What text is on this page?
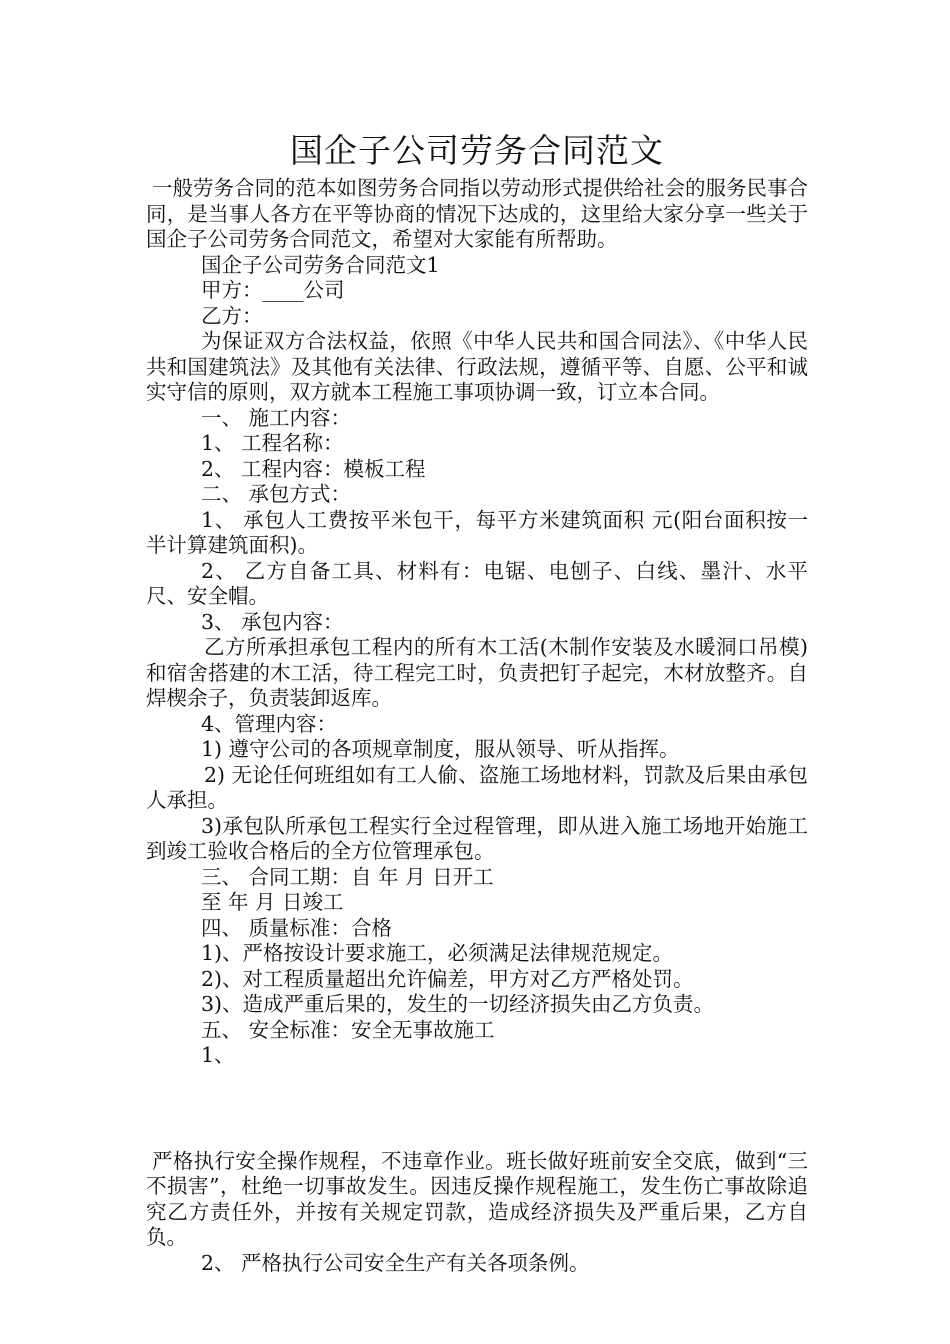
国企子公司劳务合同范文

一般劳务合同的范本如图劳务合同指以劳动形式提供给社会的服务民事合同，是当事人各方在平等协商的情况下达成的，这里给大家分享一些关于国企子公司劳务合同范文，希望对大家能有所帮助。

国企子公司劳务合同范文1

甲方：____公司

乙方：

为保证双方合法权益，依照《中华人民共和国合同法》、《中华人民共和国建筑法》及其他有关法律、行政法规，遵循平等、自愿、公平和诚实守信的原则，双方就本工程施工事项协调一致，订立本合同。

一、 施工内容：

1、 工程名称：

2、 工程内容：模板工程

二、 承包方式：

1、 承包人工费按平米包干，每平方米建筑面积 元(阳台面积按一半计算建筑面积)。

2、 乙方自备工具、材料有：电锯、电刨子、白线、墨汁、水平尺、安全帽。

3、 承包内容：

乙方所承担承包工程内的所有木工活(木制作安装及水暖洞口吊模)和宿舍搭建的木工活，待工程完工时，负责把钉子起完，木材放整齐。自焊楔余子，负责装卸返库。

4、管理内容：

1) 遵守公司的各项规章制度，服从领导、听从指挥。

2) 无论任何班组如有工人偷、盗施工场地材料，罚款及后果由承包人承担。

3)承包队所承包工程实行全过程管理，即从进入施工场地开始施工到竣工验收合格后的全方位管理承包。

三、 合同工期：自 年 月 日开工

至 年 月 日竣工

四、 质量标准：合格

1)、严格按设计要求施工，必须满足法律规范规定。

2)、对工程质量超出允许偏差，甲方对乙方严格处罚。

3)、造成严重后果的，发生的一切经济损失由乙方负责。

五、 安全标准：安全无事故施工

1、

严格执行安全操作规程，不违章作业。班长做好班前安全交底，做到“三不损害”，杜绝一切事故发生。因违反操作规程施工，发生伤亡事故除追究乙方责任外，并按有关规定罚款，造成经济损失及严重后果，乙方自负。

2、 严格执行公司安全生产有关各项条例。
